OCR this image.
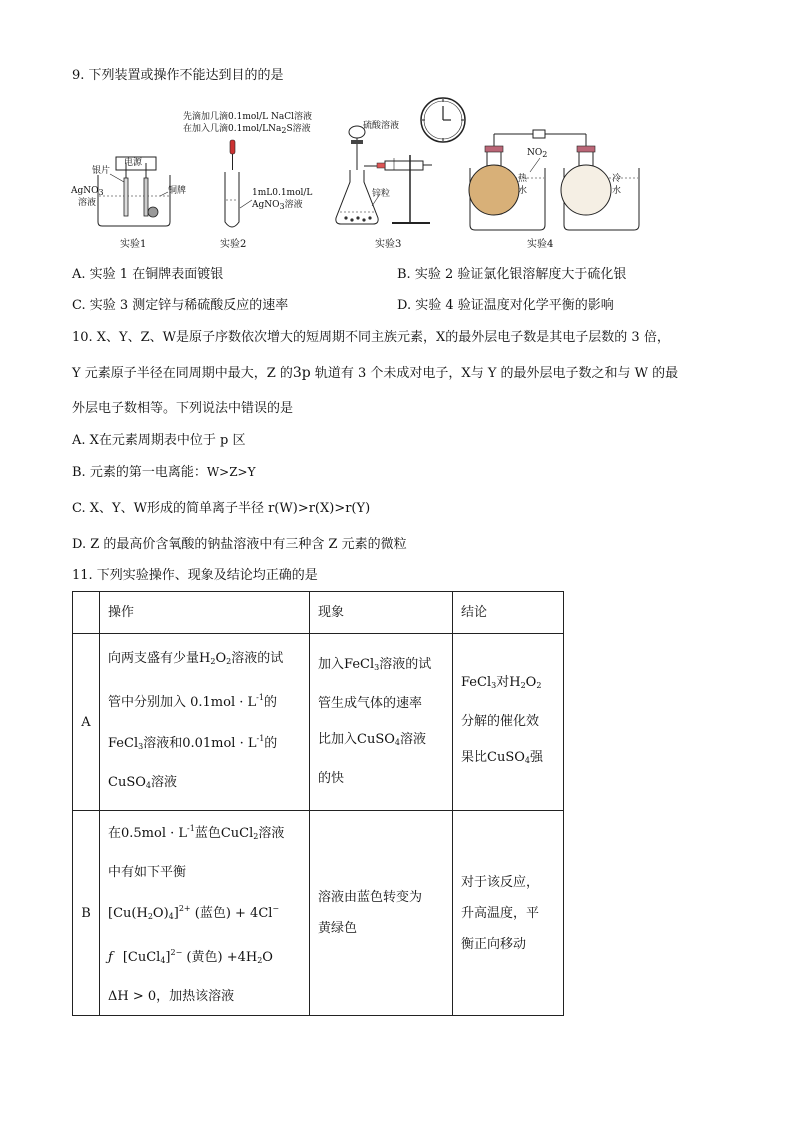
9. 下列装置或操作不能达到目的的是
电源
银片
AgNO3
溶液
铜牌
实验1
先滴加几滴0.1mol/L NaCl溶液
在加入几滴0.1mol/LNa2S溶液
1mL0.1mol/L
AgNO3溶液
实验2
硫酸溶液
锌粒
实验3
NO2
热
水
冷
水
实验4
A. 实验 1 在铜牌表面镀银	B. 实验 2 验证氯化银溶解度大于硫化银
C. 实验 3 测定锌与稀硫酸反应的速率	D. 实验 4 验证温度对化学平衡的影响
10. X、Y、Z、W是原子序数依次增大的短周期不同主族元素，X的最外层电子数是其电子层数的 3 倍，
Y 元素原子半径在同周期中最大，Z 的3p 轨道有 3 个未成对电子，X与 Y 的最外层电子数之和与 W 的最
外层电子数相等。下列说法中错误的是
A. X在元素周期表中位于 p 区
B. 元素的第一电离能：W>Z>Y
C. X、Y、W形成的简单离子半径 r(W)>r(X)>r(Y)
D. Z 的最高价含氧酸的钠盐溶液中有三种含 Z 元素的微粒
11. 下列实验操作、现象及结论均正确的是
	操作	现象	结论
A	向两支盛有少量$H_2O_2$溶液的试
管中分别加入 $0.1mol \cdot L^{-1}$的
FeCl$_3$溶液和$0.01mol \cdot L^{-1}$的
CuSO$_4$溶液	加入FeCl$_3$溶液的试
管生成气体的速率
比加入CuSO$_4$溶液
的快	FeCl$_3$对$H_2O_2$
分解的催化效
果比CuSO$_4$强

B	在$0.5mol \cdot L^{-1}$蓝色CuCl$_2$溶液
中有如下平衡
$[Cu(H_2O)_4]^{2+}$ (蓝色) + 4Cl−
ƒ [CuCl$_4$]$^{2-}$ (黄色) $+4H_2O$
ΔH > 0，加热该溶液	溶液由蓝色转变为
黄绿色	对于该反应，
升高温度，平
衡正向移动
